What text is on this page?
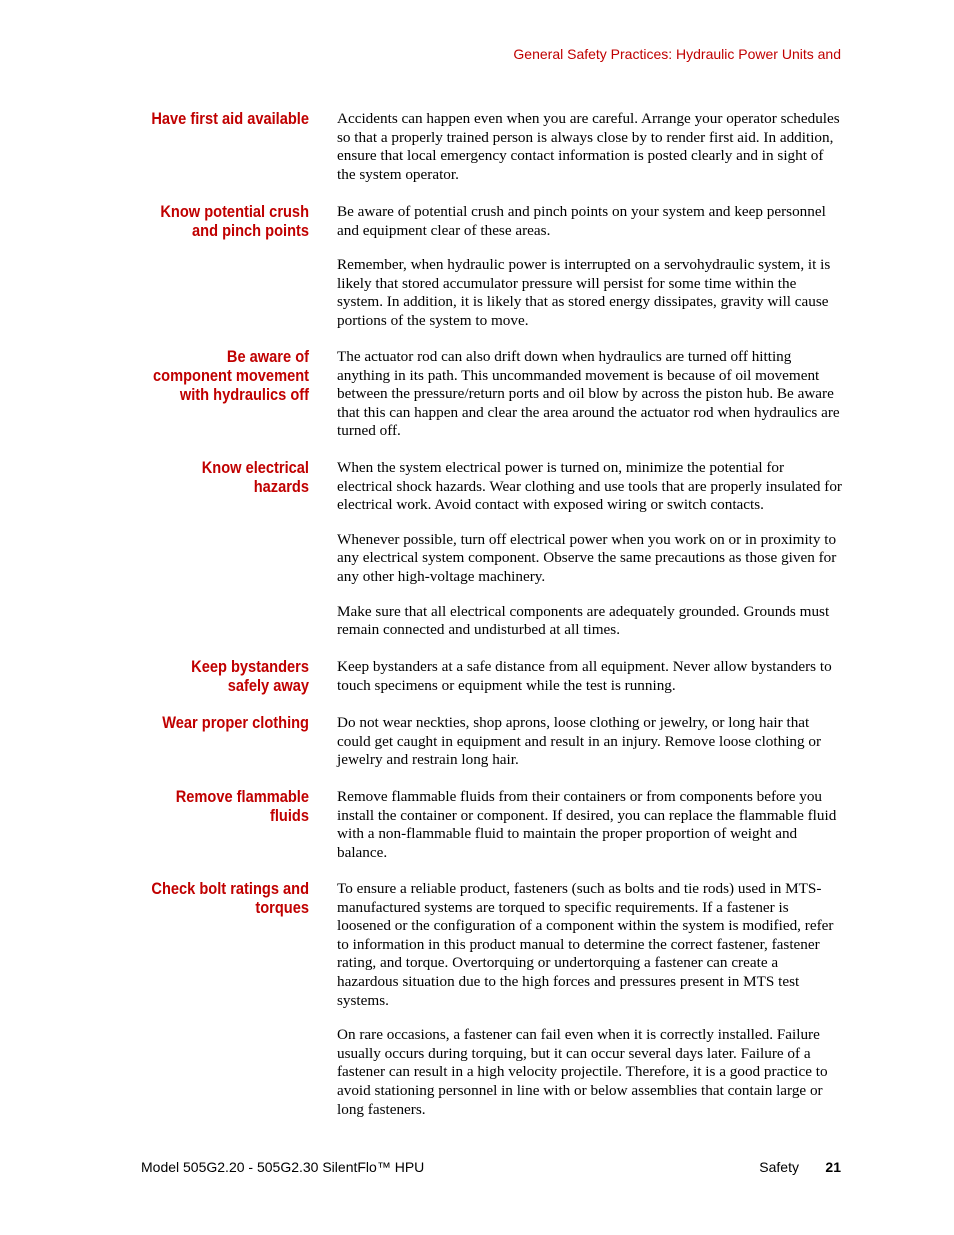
General Safety Practices: Hydraulic Power Units and
Have first aid available Accidents can happen even when you are careful. Arrange your operator schedules so that a properly trained person is always close by to render first aid. In addition, ensure that local emergency contact information is posted clearly and in sight of the system operator.

Know potential crush
and pinch points

Be aware of potential crush and pinch points on your system and keep personnel and equipment clear of these areas.

Remember, when hydraulic power is interrupted on a servohydraulic system, it is likely that stored accumulator pressure will persist for some time within the system. In addition, it is likely that as stored energy dissipates, gravity will cause portions of the system to move.

Be aware of
component movement
with hydraulics off

The actuator rod can also drift down when hydraulics are turned off hitting anything in its path. This uncommanded movement is because of oil movement between the pressure/return ports and oil blow by across the piston hub. Be aware that this can happen and clear the area around the actuator rod when hydraulics are turned off.

Know electrical
hazards

When the system electrical power is turned on, minimize the potential for electrical shock hazards. Wear clothing and use tools that are properly insulated for electrical work. Avoid contact with exposed wiring or switch contacts.

Whenever possible, turn off electrical power when you work on or in proximity to any electrical system component. Observe the same precautions as those given for any other high-voltage machinery.

Make sure that all electrical components are adequately grounded. Grounds must remain connected and undisturbed at all times.

Keep bystanders
safely away

Keep bystanders at a safe distance from all equipment. Never allow bystanders to touch specimens or equipment while the test is running.

Wear proper clothing Do not wear neckties, shop aprons, loose clothing or jewelry, or long hair that could get caught in equipment and result in an injury. Remove loose clothing or jewelry and restrain long hair.

Remove flammable
fluids

Remove flammable fluids from their containers or from components before you install the container or component. If desired, you can replace the flammable fluid with a non-flammable fluid to maintain the proper proportion of weight and balance.

Check bolt ratings and
torques

To ensure a reliable product, fasteners (such as bolts and tie rods) used in MTS-manufactured systems are torqued to specific requirements. If a fastener is loosened or the configuration of a component within the system is modified, refer to information in this product manual to determine the correct fastener, fastener rating, and torque. Overtorquing or undertorquing a fastener can create a hazardous situation due to the high forces and pressures present in MTS test systems.

On rare occasions, a fastener can fail even when it is correctly installed. Failure usually occurs during torquing, but it can occur several days later. Failure of a fastener can result in a high velocity projectile. Therefore, it is a good practice to avoid stationing personnel in line with or below assemblies that contain large or long fasteners.

Model 505G2.20 - 505G2.30 SilentFlo™ HPU	Safety 21
